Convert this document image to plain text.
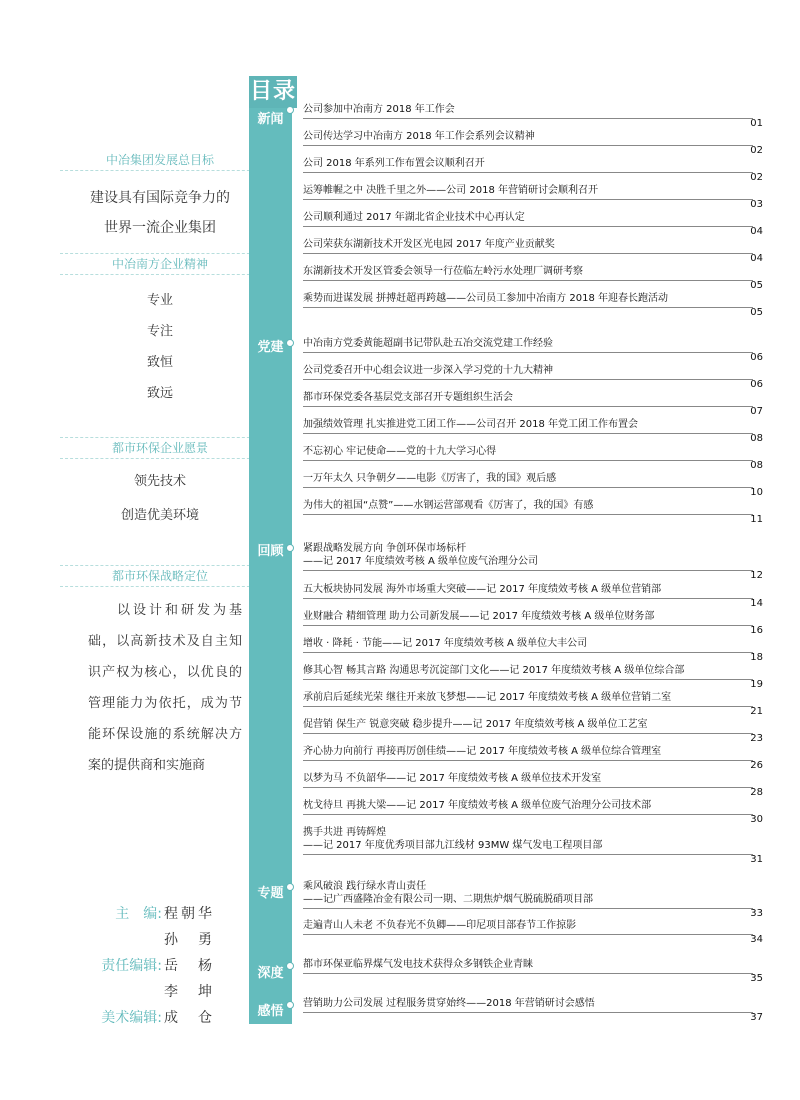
中冶集团发展总目标
建设具有国际竞争力的
世界一流企业集团
中冶南方企业精神
专业
专注
致恒
致远
都市环保企业愿景
领先技术
创造优美环境
都市环保战略定位
以设计和研发为基础，以高新技术及自主知识产权为核心，以优良的管理能力为依托，成为节能环保设施的系统解决方案的提供商和实施商
主　编: 程朝华
孙　勇
责任编辑: 岳　杨
李　坤
美术编辑: 成　仓
目录
新闻
党建
回顾
专题
深度
感悟
公司参加中冶南方 2018 年工作会
01
公司传达学习中冶南方 2018 年工作会系列会议精神
02
公司 2018 年系列工作布置会议顺利召开
02
运筹帷幄之中 决胜千里之外——公司 2018 年营销研讨会顺利召开
03
公司顺利通过 2017 年湖北省企业技术中心再认定
04
公司荣获东湖新技术开发区光电园 2017 年度产业贡献奖
04
东湖新技术开发区管委会领导一行莅临左岭污水处理厂调研考察
05
乘势而进谋发展 拼搏赶超再跨越——公司员工参加中冶南方 2018 年迎春长跑活动
05
中冶南方党委黄能超副书记带队赴五冶交流党建工作经验
06
公司党委召开中心组会议进一步深入学习党的十九大精神
06
都市环保党委各基层党支部召开专题组织生活会
07
加强绩效管理 扎实推进党工团工作——公司召开 2018 年党工团工作布置会
08
不忘初心 牢记使命——党的十九大学习心得
08
一万年太久 只争朝夕——电影《厉害了，我的国》观后感
10
为伟大的祖国“点赞”——水钢运营部观看《厉害了，我的国》有感
11
紧跟战略发展方向 争创环保市场标杆
——记 2017 年度绩效考核 A 级单位废气治理分公司
12
五大板块协同发展 海外市场重大突破——记 2017 年度绩效考核 A 级单位营销部
14
业财融合 精细管理 助力公司新发展——记 2017 年度绩效考核 A 级单位财务部
16
增收 · 降耗 · 节能——记 2017 年度绩效考核 A 级单位大丰公司
18
修其心智 畅其言路 沟通思考沉淀部门文化——记 2017 年度绩效考核 A 级单位综合部
19
承前启后延续光荣 继往开来放飞梦想——记 2017 年度绩效考核 A 级单位营销二室
21
促营销 保生产 锐意突破 稳步提升——记 2017 年度绩效考核 A 级单位工艺室
23
齐心协力向前行 再接再厉创佳绩——记 2017 年度绩效考核 A 级单位综合管理室
26
以梦为马 不负韶华——记 2017 年度绩效考核 A 级单位技术开发室
28
枕戈待旦 再挑大梁——记 2017 年度绩效考核 A 级单位废气治理分公司技术部
30
携手共进 再铸辉煌
——记 2017 年度优秀项目部九江线材 93MW 煤气发电工程项目部
31
乘风破浪 践行绿水青山责任
——记广西盛隆冶金有限公司一期、二期焦炉烟气脱硫脱硝项目部
33
走遍青山人未老 不负春光不负卿——印尼项目部春节工作掠影
34
都市环保亚临界煤气发电技术获得众多钢铁企业青睐
35
营销助力公司发展 过程服务贯穿始终——2018 年营销研讨会感悟
37
